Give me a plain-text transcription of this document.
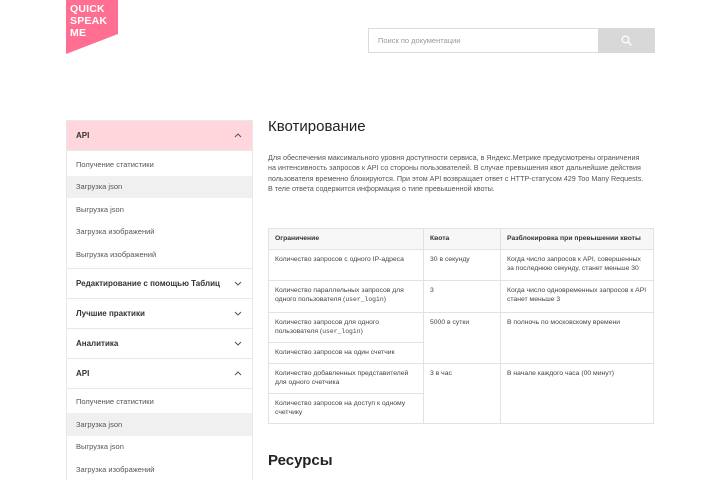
QUICK
SPEAK
ME
Поиск по документации
API
Получение статистики
Загрузка json
Выгрузка json
Загрузка изображений
Выгрузка изображений
Редактирование с помощью Таблиц
Лучшие практики
Аналитика
API
Получение статистики
Загрузка json
Выгрузка json
Загрузка изображений
Квотирование

Для обеспечения максимального уровня доступности сервиса, в Яндекс.Метрике предусмотрены ограничения на интенсивность запросов к API со стороны пользователей. В случае превышения квот дальнейшие действия пользователя временно блокируются. При этом API возвращает ответ с HTTP-статусом 429 Too Many Requests. В теле ответа содержится информация о типе превышенной квоты.

Ограничение	Квота	Разблокировка при превышении квоты
Количество запросов с одного IP-адреса	30 в секунду	Когда число запросов к API, совершенных за последнюю секунду, станет меньше 30
Количество параллельных запросов для одного пользователя (user_login)	3	Когда число одновременных запросов к API станет меньше 3
Количество запросов для одного пользователя (user_login)	5000 в сутки	В полночь по московскому времени
Количество запросов на один счетчик		
Количество добавленных представителей для одного счетчика	3 в час	В начале каждого часа (00 минут)
Количество запросов на доступ к одному счетчику		
Ресурсы
